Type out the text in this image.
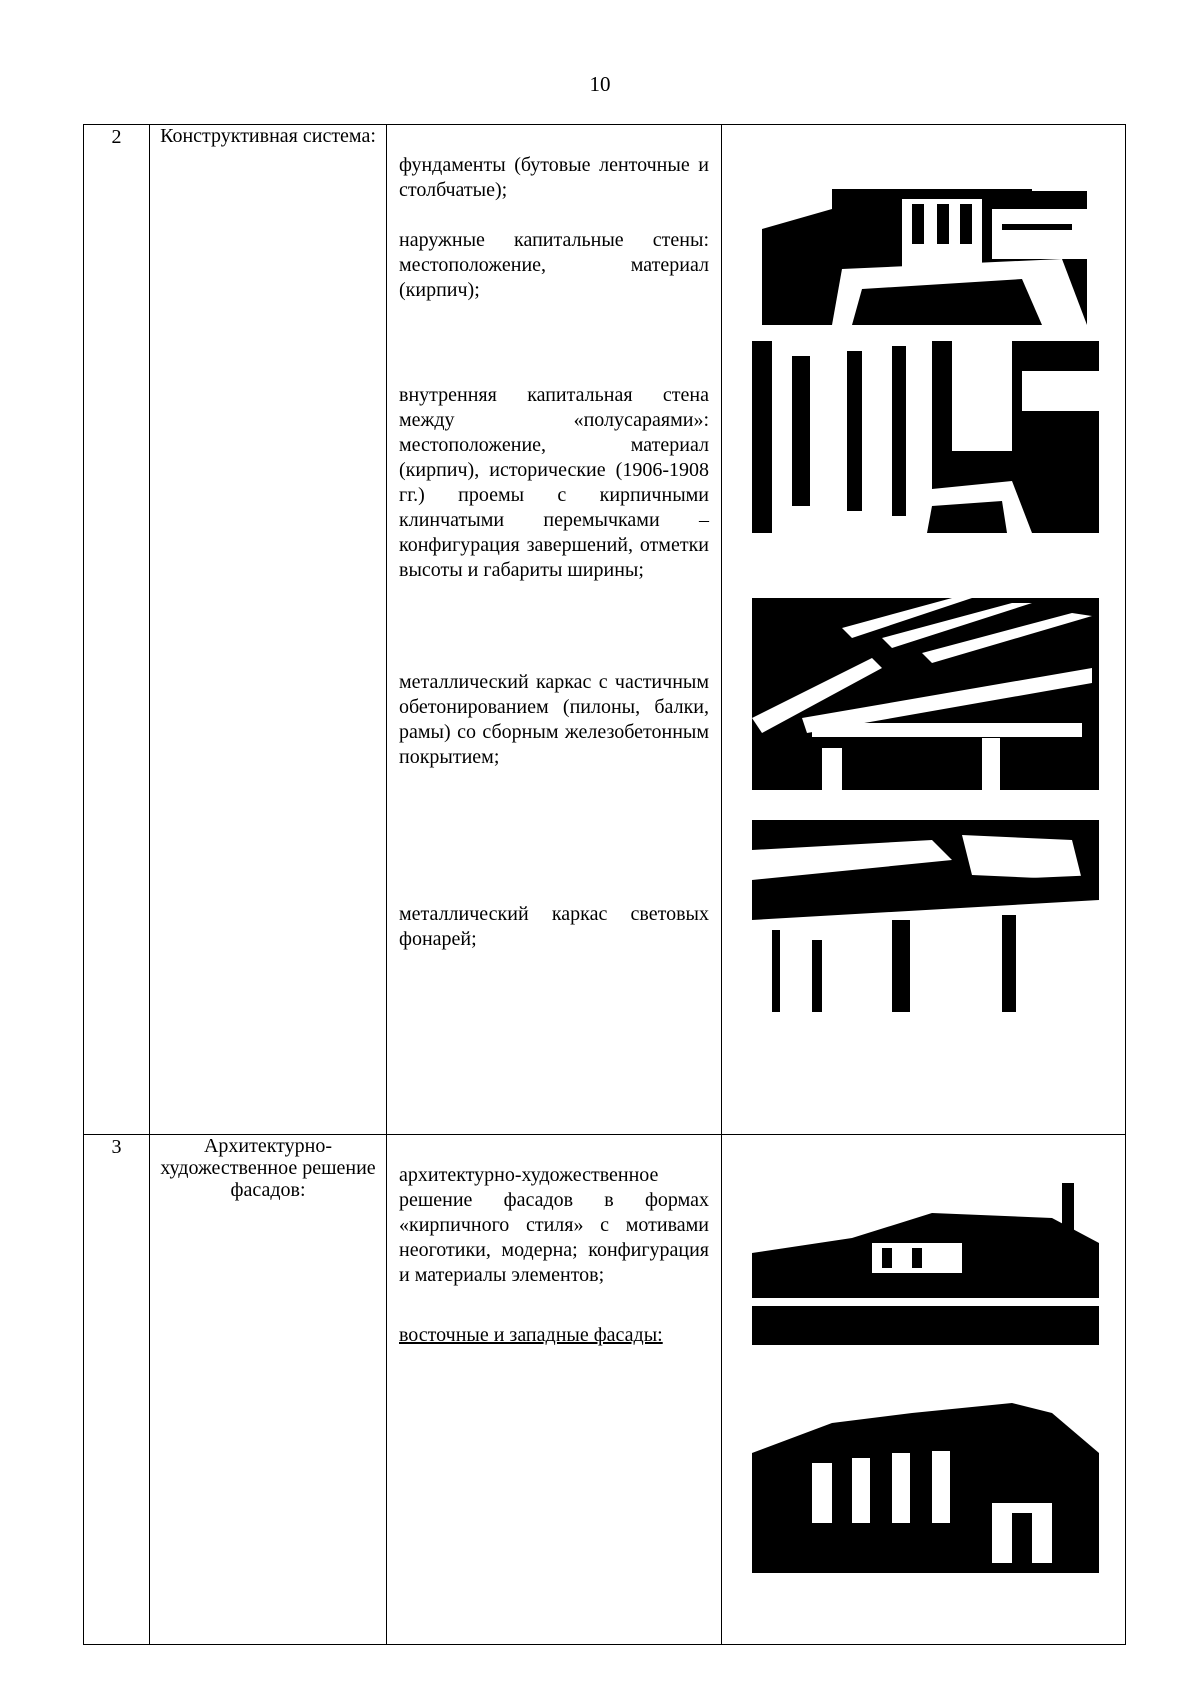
10
2	Конструктивная система:	фундаменты (бутовые ленточные и столбчатые);
наружные капитальные стены: местоположение, материал (кирпич);
внутренняя капитальная стена между «полусараями»: местоположение, материал (кирпич), исторические (1906-1908 гг.) проемы с кирпичными клинчатыми перемычками – конфигурация завершений, отметки высоты и габариты ширины;
металлический каркас с частичным обетонированием (пилоны, балки, рамы) со сборным железобетонным покрытием;
металлический каркас световых фонарей;

3	Архитектурно-художественное решение фасадов:	архитектурно-художественное решение фасадов в формах «кирпичного стиля» с мотивами неоготики, модерна; конфигурация и материалы элементов;
восточные и западные фасады:
